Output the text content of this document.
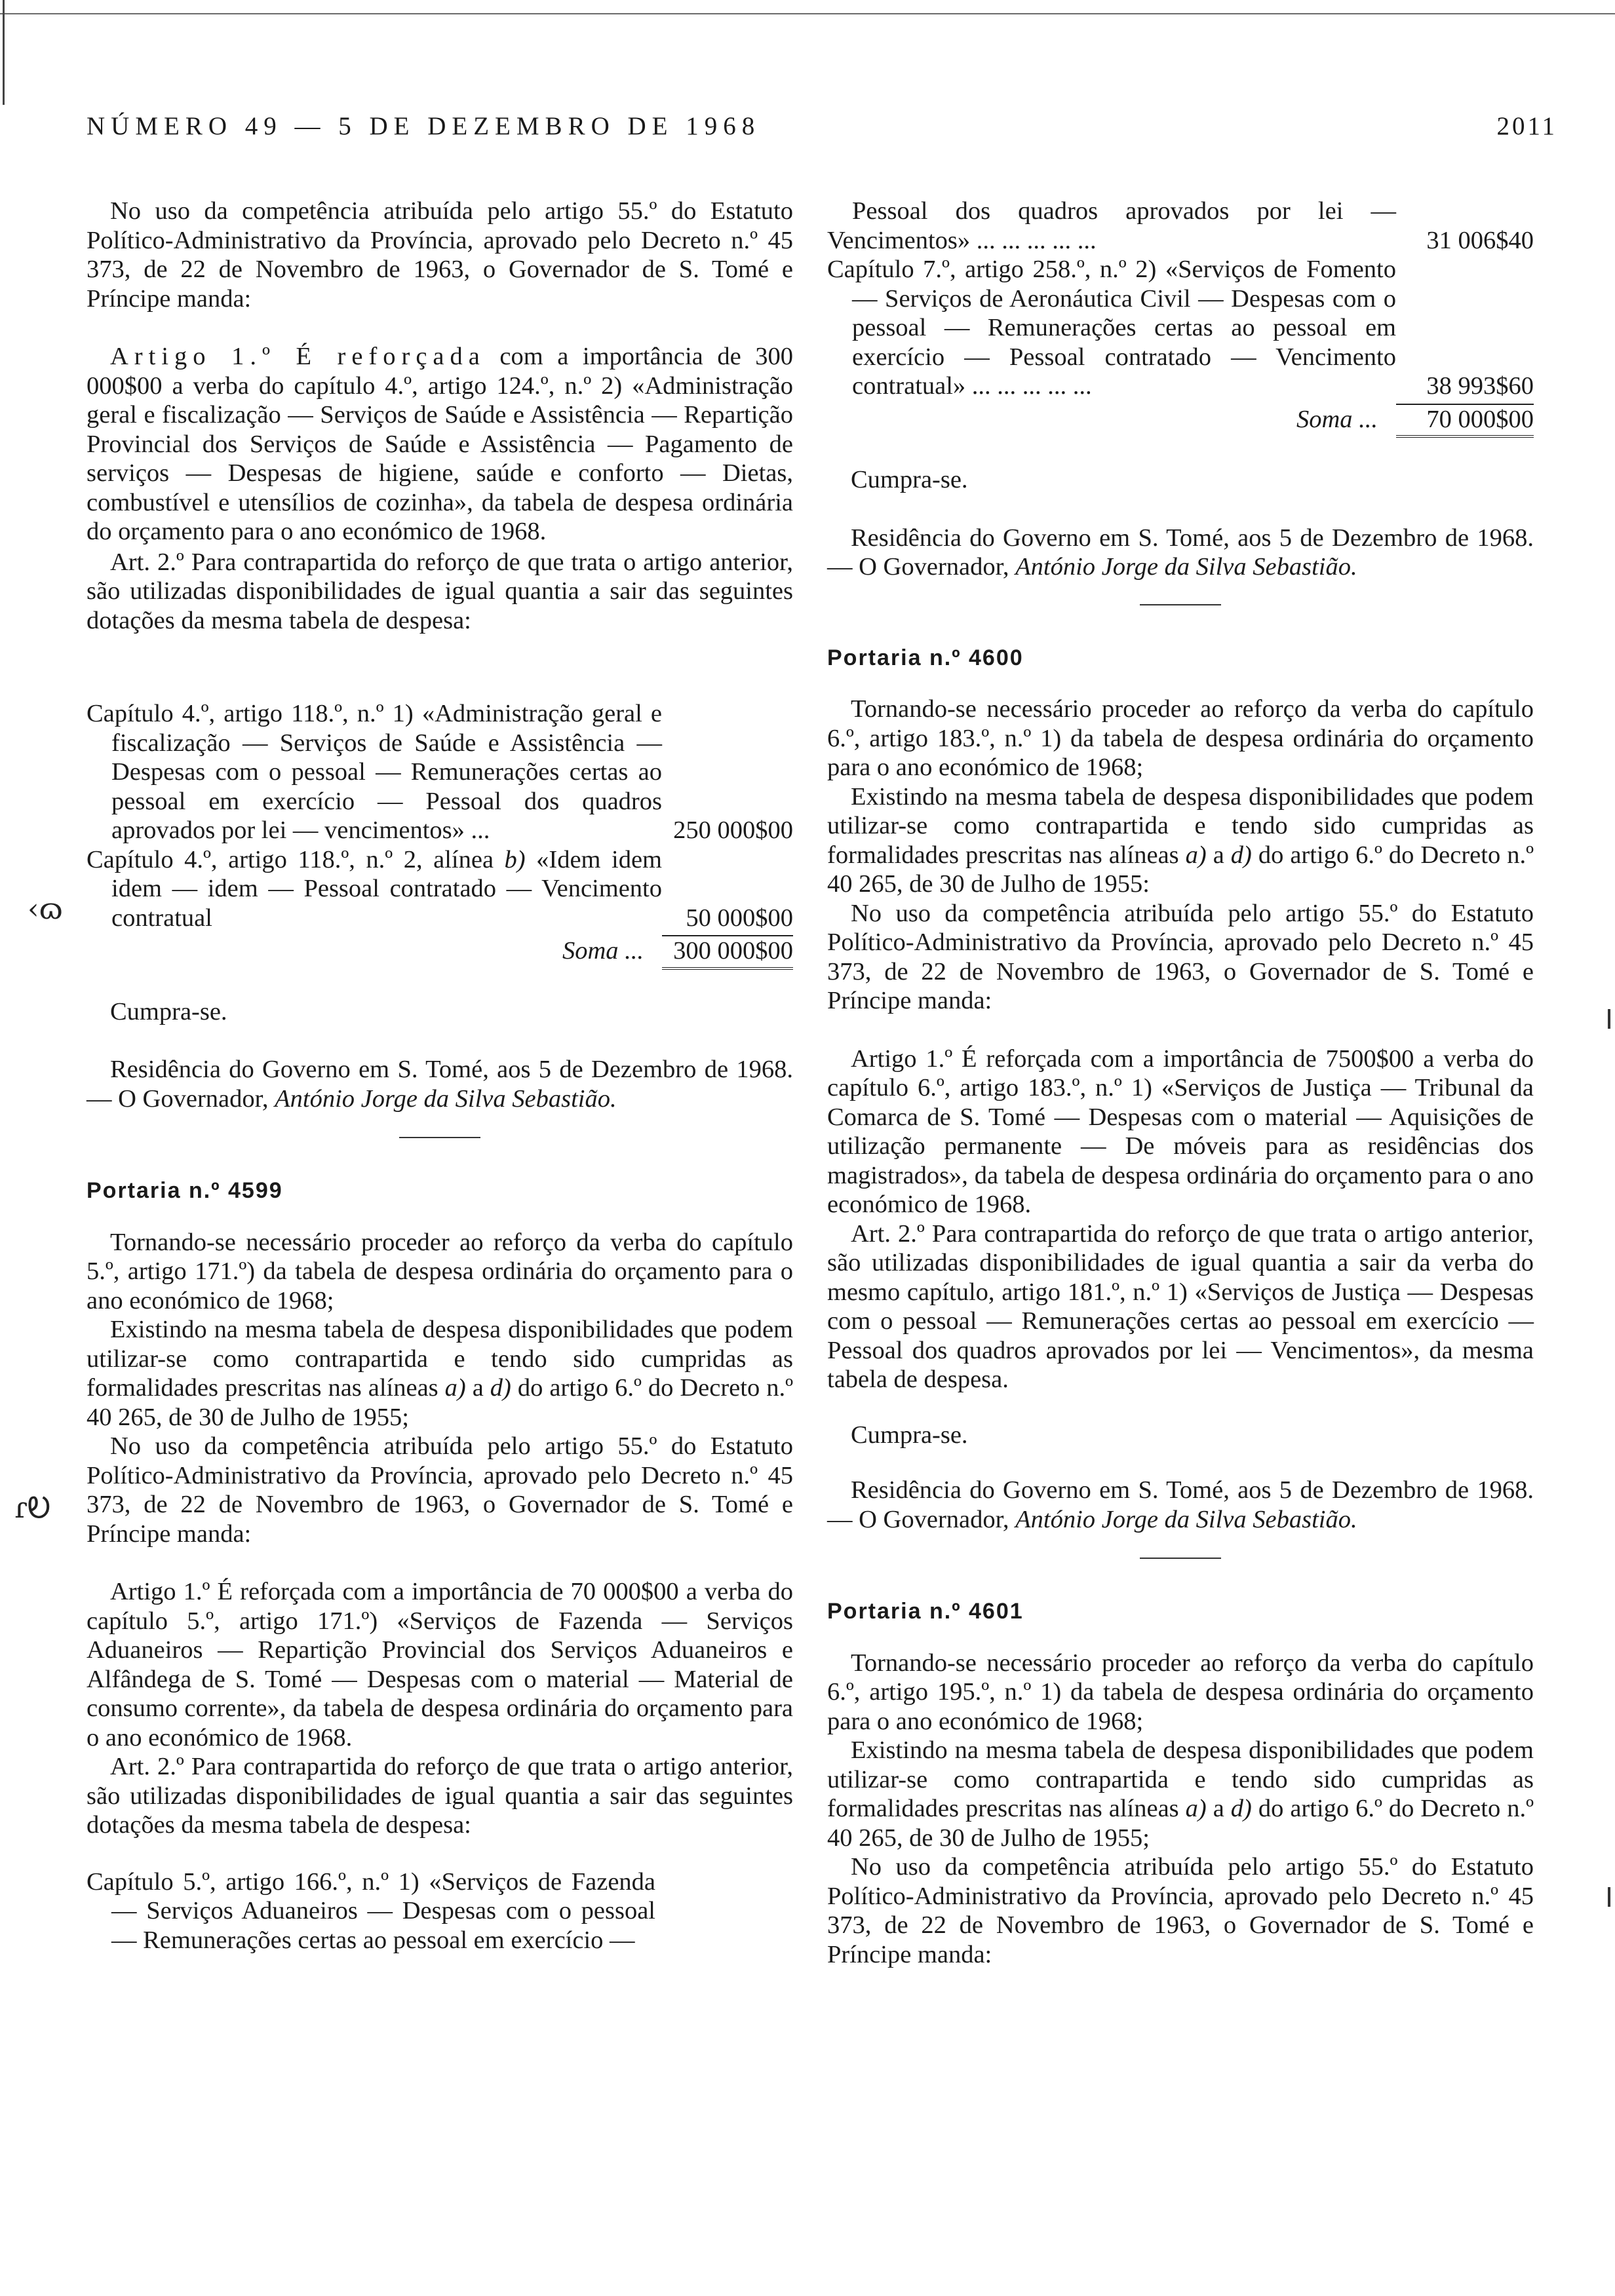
NÚMERO 49 — 5 DE DEZEMBRO DE 1968	2011
‹ɷ
ɾᎧ

No uso da competência atribuída pelo artigo 55.º do Estatuto Político-Administrativo da Província, aprovado pelo Decreto n.º 45 373, de 22 de Novembro de 1963, o Governador de S. Tomé e Príncipe manda:

Artigo 1.º É reforçada com a importância de 300 000$00 a verba do capítulo 4.º, artigo 124.º, n.º 2) «Administração geral e fiscalização — Serviços de Saúde e Assistência — Repartição Provincial dos Serviços de Saúde e Assistência — Pagamento de serviços — Despesas de higiene, saúde e conforto — Dietas, combustível e utensílios de cozinha», da tabela de despesa ordinária do orçamento para o ano económico de 1968.

Art. 2.º Para contrapartida do reforço de que trata o artigo anterior, são utilizadas disponibilidades de igual quantia a sair das seguintes dotações da mesma tabela de despesa:

Capítulo 4.º, artigo 118.º, n.º 1) «Administração geral e fiscalização — Serviços de Saúde e Assistência — Despesas com o pessoal — Remunerações certas ao pessoal em exercício — Pessoal dos quadros aprovados por lei — vencimentos» ...	250 000$00
Capítulo 4.º, artigo 118.º, n.º 2, alínea b) «Idem idem idem — idem — Pessoal contratado — Vencimento contratual	50 000$00
Soma ...	300 000$00

Cumpra-se.

Residência do Governo em S. Tomé, aos 5 de Dezembro de 1968. — O Governador, António Jorge da Silva Sebastião.

Portaria n.º 4599

Tornando-se necessário proceder ao reforço da verba do capítulo 5.º, artigo 171.º) da tabela de despesa ordinária do orçamento para o ano económico de 1968;

Existindo na mesma tabela de despesa disponibilidades que podem utilizar-se como contrapartida e tendo sido cumpridas as formalidades prescritas nas alíneas a) a d) do artigo 6.º do Decreto n.º 40 265, de 30 de Julho de 1955;

No uso da competência atribuída pelo artigo 55.º do Estatuto Político-Administrativo da Província, aprovado pelo Decreto n.º 45 373, de 22 de Novembro de 1963, o Governador de S. Tomé e Príncipe manda:

Artigo 1.º É reforçada com a importância de 70 000$00 a verba do capítulo 5.º, artigo 171.º) «Serviços de Fazenda — Serviços Aduaneiros — Repartição Provincial dos Serviços Aduaneiros e Alfândega de S. Tomé — Despesas com o material — Material de consumo corrente», da tabela de despesa ordinária do orçamento para o ano económico de 1968.

Art. 2.º Para contrapartida do reforço de que trata o artigo anterior, são utilizadas disponibilidades de igual quantia a sair das seguintes dotações da mesma tabela de despesa:

Capítulo 5.º, artigo 166.º, n.º 1) «Serviços de Fazenda — Serviços Aduaneiros — Despesas com o pessoal — Remunerações certas ao pessoal em exercício —

Pessoal dos quadros aprovados por lei — Vencimentos» ... ... ... ... ...	31 006$40
Capítulo 7.º, artigo 258.º, n.º 2) «Serviços de Fomento — Serviços de Aeronáutica Civil — Despesas com o pessoal — Remunerações certas ao pessoal em exercício — Pessoal contratado — Vencimento contratual» ... ... ... ... ...	38 993$60
Soma ...	70 000$00

Cumpra-se.

Residência do Governo em S. Tomé, aos 5 de Dezembro de 1968. — O Governador, António Jorge da Silva Sebastião.

Portaria n.º 4600

Tornando-se necessário proceder ao reforço da verba do capítulo 6.º, artigo 183.º, n.º 1) da tabela de despesa ordinária do orçamento para o ano económico de 1968;

Existindo na mesma tabela de despesa disponibilidades que podem utilizar-se como contrapartida e tendo sido cumpridas as formalidades prescritas nas alíneas a) a d) do artigo 6.º do Decreto n.º 40 265, de 30 de Julho de 1955:

No uso da competência atribuída pelo artigo 55.º do Estatuto Político-Administrativo da Província, aprovado pelo Decreto n.º 45 373, de 22 de Novembro de 1963, o Governador de S. Tomé e Príncipe manda:

Artigo 1.º É reforçada com a importância de 7500$00 a verba do capítulo 6.º, artigo 183.º, n.º 1) «Serviços de Justiça — Tribunal da Comarca de S. Tomé — Despesas com o material — Aquisições de utilização permanente — De móveis para as residências dos magistrados», da tabela de despesa ordinária do orçamento para o ano económico de 1968.

Art. 2.º Para contrapartida do reforço de que trata o artigo anterior, são utilizadas disponibilidades de igual quantia a sair da verba do mesmo capítulo, artigo 181.º, n.º 1) «Serviços de Justiça — Despesas com o pessoal — Remunerações certas ao pessoal em exercício — Pessoal dos quadros aprovados por lei — Vencimentos», da mesma tabela de despesa.

Cumpra-se.

Residência do Governo em S. Tomé, aos 5 de Dezembro de 1968. — O Governador, António Jorge da Silva Sebastião.

Portaria n.º 4601

Tornando-se necessário proceder ao reforço da verba do capítulo 6.º, artigo 195.º, n.º 1) da tabela de despesa ordinária do orçamento para o ano económico de 1968;

Existindo na mesma tabela de despesa disponibilidades que podem utilizar-se como contrapartida e tendo sido cumpridas as formalidades prescritas nas alíneas a) a d) do artigo 6.º do Decreto n.º 40 265, de 30 de Julho de 1955;

No uso da competência atribuída pelo artigo 55.º do Estatuto Político-Administrativo da Província, aprovado pelo Decreto n.º 45 373, de 22 de Novembro de 1963, o Governador de S. Tomé e Príncipe manda:
